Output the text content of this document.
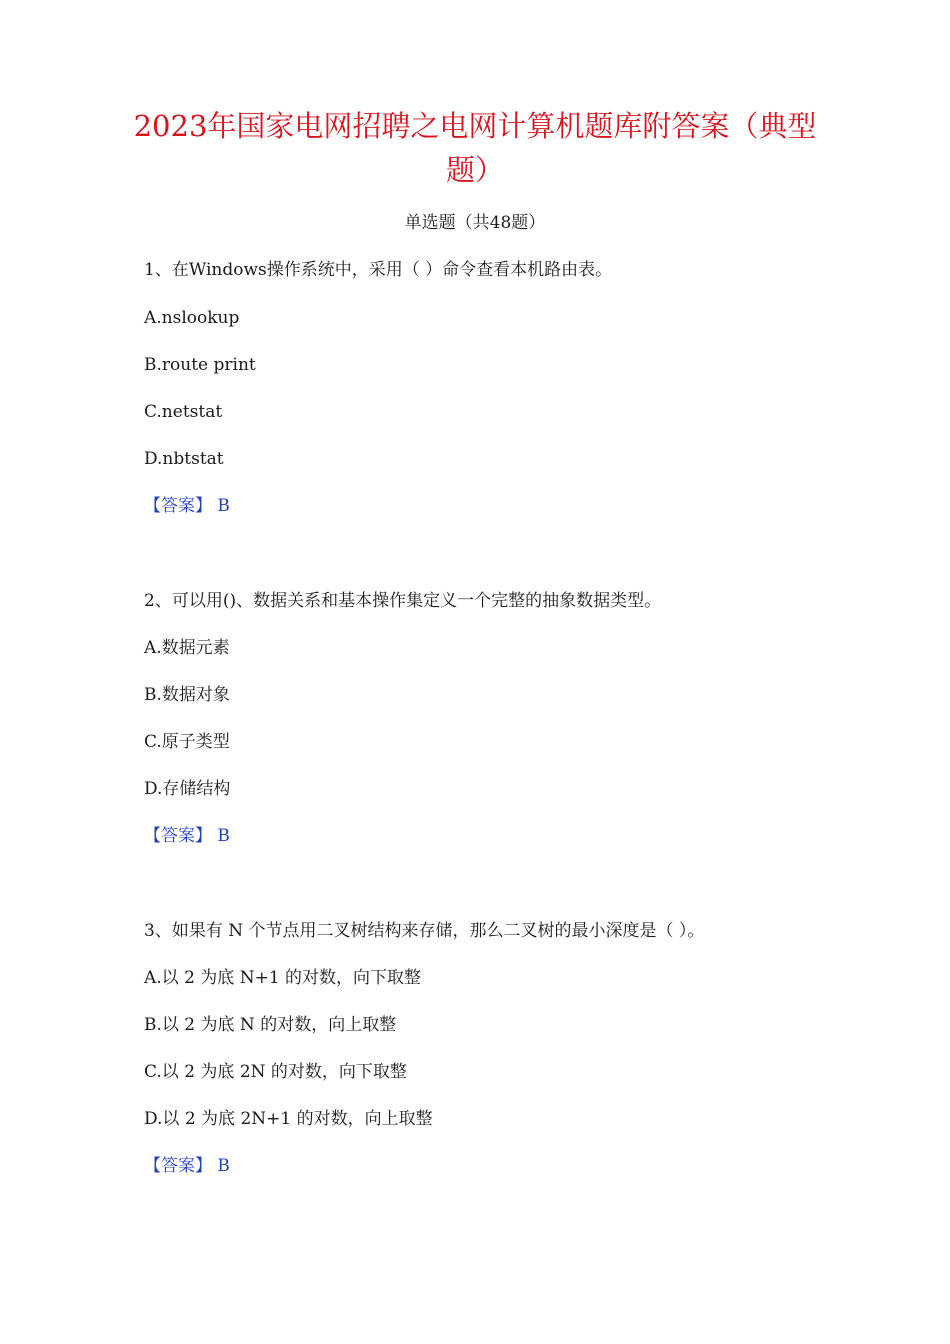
2023年国家电网招聘之电网计算机题库附答案（典型题）
单选题（共48题）
1、在Windows操作系统中，采用（ ）命令查看本机路由表。
A.nslookup
B.route print
C.netstat
D.nbtstat
【答案】 B
2、可以用()、数据关系和基本操作集定义一个完整的抽象数据类型。
A.数据元素
B.数据对象
C.原子类型
D.存储结构
【答案】 B
3、如果有 N 个节点用二叉树结构来存储，那么二叉树的最小深度是（ ）。
A.以 2 为底 N+1 的对数，向下取整
B.以 2 为底 N 的对数，向上取整
C.以 2 为底 2N 的对数，向下取整
D.以 2 为底 2N+1 的对数，向上取整
【答案】 B
